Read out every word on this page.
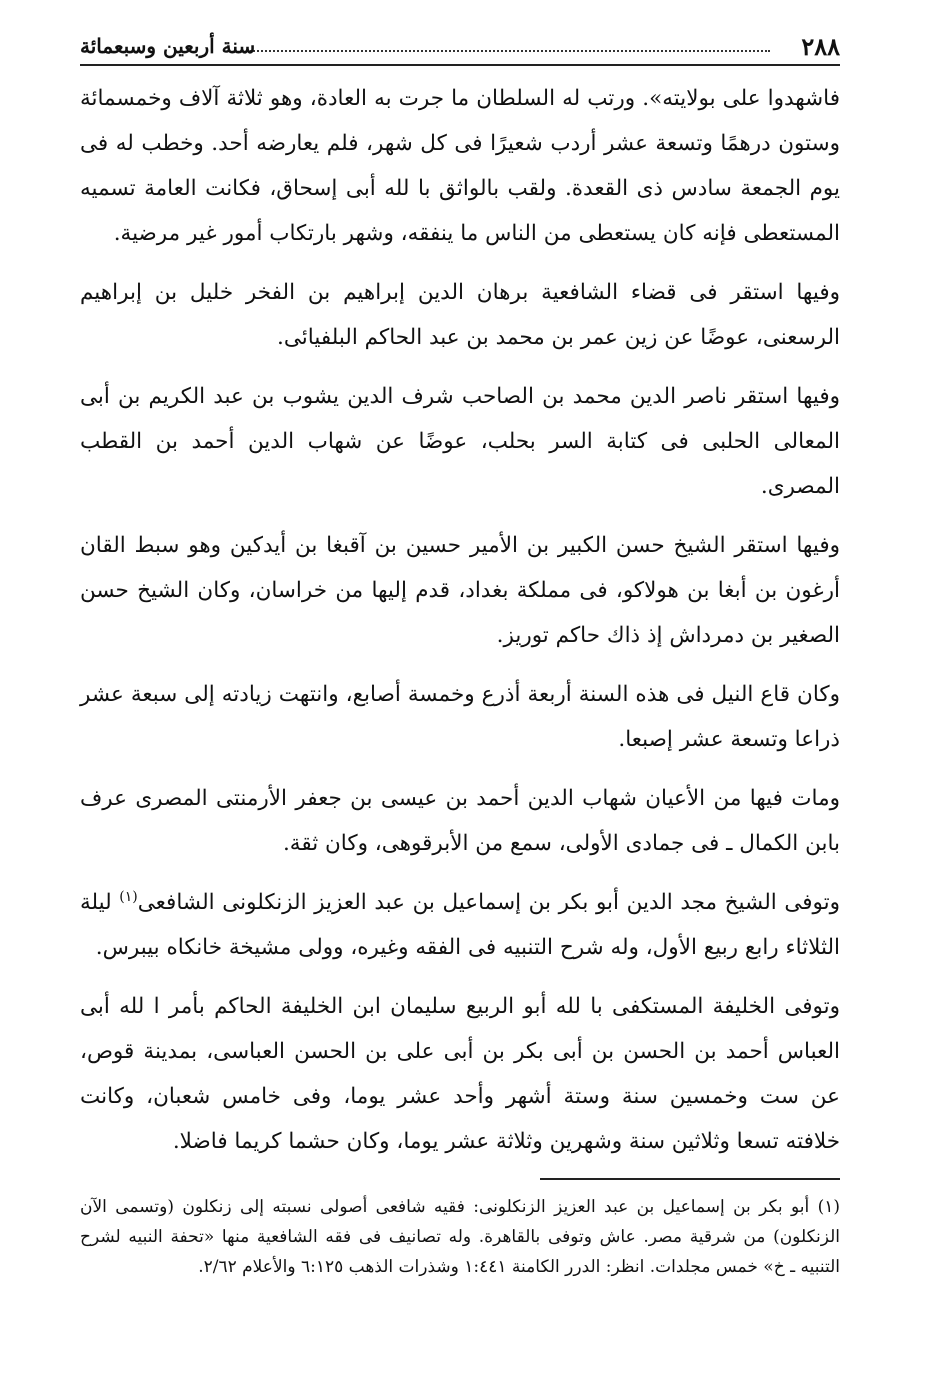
٢٨٨
سنة أربعين وسبعمائة

فاشهدوا على بولايته». ورتب له السلطان ما جرت به العادة، وهو ثلاثة آلاف وخمسمائة وستون درهمًا وتسعة عشر أردب شعيرًا فى كل شهر، فلم يعارضه أحد. وخطب له فى يوم الجمعة سادس ذى القعدة. ولقب بالواثق با لله أبى إسحاق، فكانت العامة تسميه المستعطى فإنه كان يستعطى من الناس ما ينفقه، وشهر بارتكاب أمور غير مرضية.

وفيها استقر فى قضاء الشافعية برهان الدين إبراهيم بن الفخر خليل بن إبراهيم الرسعنى، عوضًا عن زين عمر بن محمد بن عبد الحاكم البلفيائى.

وفيها استقر ناصر الدين محمد بن الصاحب شرف الدين يشوب بن عبد الكريم بن أبى المعالى الحلبى فى كتابة السر بحلب، عوضًا عن شهاب الدين أحمد بن القطب المصرى.

وفيها استقر الشيخ حسن الكبير بن الأمير حسين بن آقبغا بن أيدكين وهو سبط القان أرغون بن أبغا بن هولاكو، فى مملكة بغداد، قدم إليها من خراسان، وكان الشيخ حسن الصغير بن دمرداش إذ ذاك حاكم توريز.

وكان قاع النيل فى هذه السنة أربعة أذرع وخمسة أصابع، وانتهت زيادته إلى سبعة عشر ذراعا وتسعة عشر إصبعا.

ومات فيها من الأعيان شهاب الدين أحمد بن عيسى بن جعفر الأرمنتى المصرى عرف بابن الكمال ـ فى جمادى الأولى، سمع من الأبرقوهى، وكان ثقة.

وتوفى الشيخ مجد الدين أبو بكر بن إسماعيل بن عبد العزيز الزنكلونى الشافعى$^{(١)}$ ليلة الثلاثاء رابع ربيع الأول، وله شرح التنبيه فى الفقه وغيره، وولى مشيخة خانكاه بيبرس.

وتوفى الخليفة المستكفى با لله أبو الربيع سليمان ابن الخليفة الحاكم بأمر ا لله أبى العباس أحمد بن الحسن بن أبى بكر بن أبى على بن الحسن العباسى، بمدينة قوص، عن ست وخمسين سنة وستة أشهر وأحد عشر يوما، وفى خامس شعبان، وكانت خلافته تسعا وثلاثين سنة وشهرين وثلاثة عشر يوما، وكان حشما كريما فاضلا.

(١) أبو بكر بن إسماعيل بن عبد العزيز الزنكلونى: فقيه شافعى أصولى نسبته إلى زنكلون (وتسمى الآن الزنكلون) من شرقية مصر. عاش وتوفى بالقاهرة. وله تصانيف فى فقه الشافعية منها «تحفة النبيه لشرح التنبيه ـ خ» خمس مجلدات. انظر: الدرر الكامنة ١:٤٤١ وشذرات الذهب ٦:١٢٥ والأعلام ٢/٦٢.
